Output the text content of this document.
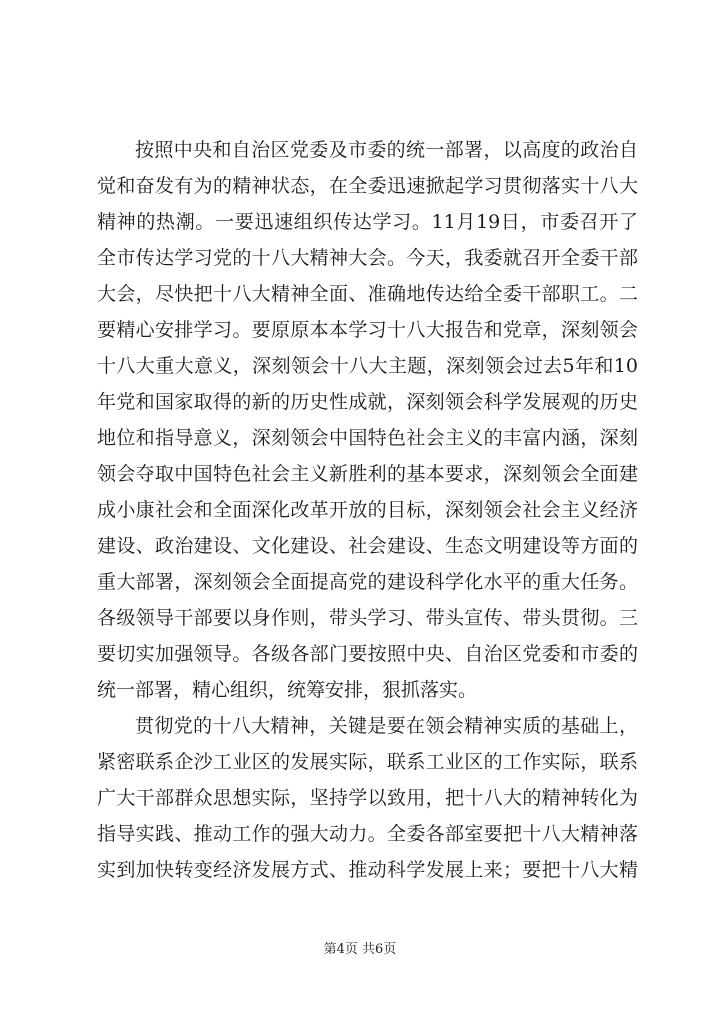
按照中央和自治区党委及市委的统一部署，以高度的政治自
觉和奋发有为的精神状态，在全委迅速掀起学习贯彻落实十八大
精神的热潮。一要迅速组织传达学习。11月19日，市委召开了
全市传达学习党的十八大精神大会。今天，我委就召开全委干部
大会，尽快把十八大精神全面、准确地传达给全委干部职工。二
要精心安排学习。要原原本本学习十八大报告和党章，深刻领会
十八大重大意义，深刻领会十八大主题，深刻领会过去5年和10
年党和国家取得的新的历史性成就，深刻领会科学发展观的历史
地位和指导意义，深刻领会中国特色社会主义的丰富内涵，深刻
领会夺取中国特色社会主义新胜利的基本要求，深刻领会全面建
成小康社会和全面深化改革开放的目标，深刻领会社会主义经济
建设、政治建设、文化建设、社会建设、生态文明建设等方面的
重大部署，深刻领会全面提高党的建设科学化水平的重大任务。
各级领导干部要以身作则，带头学习、带头宣传、带头贯彻。三
要切实加强领导。各级各部门要按照中央、自治区党委和市委的
统一部署，精心组织，统筹安排，狠抓落实。
贯彻党的十八大精神，关键是要在领会精神实质的基础上，
紧密联系企沙工业区的发展实际，联系工业区的工作实际，联系
广大干部群众思想实际，坚持学以致用，把十八大的精神转化为
指导实践、推动工作的强大动力。全委各部室要把十八大精神落
实到加快转变经济发展方式、推动科学发展上来；要把十八大精
第4页 共6页
